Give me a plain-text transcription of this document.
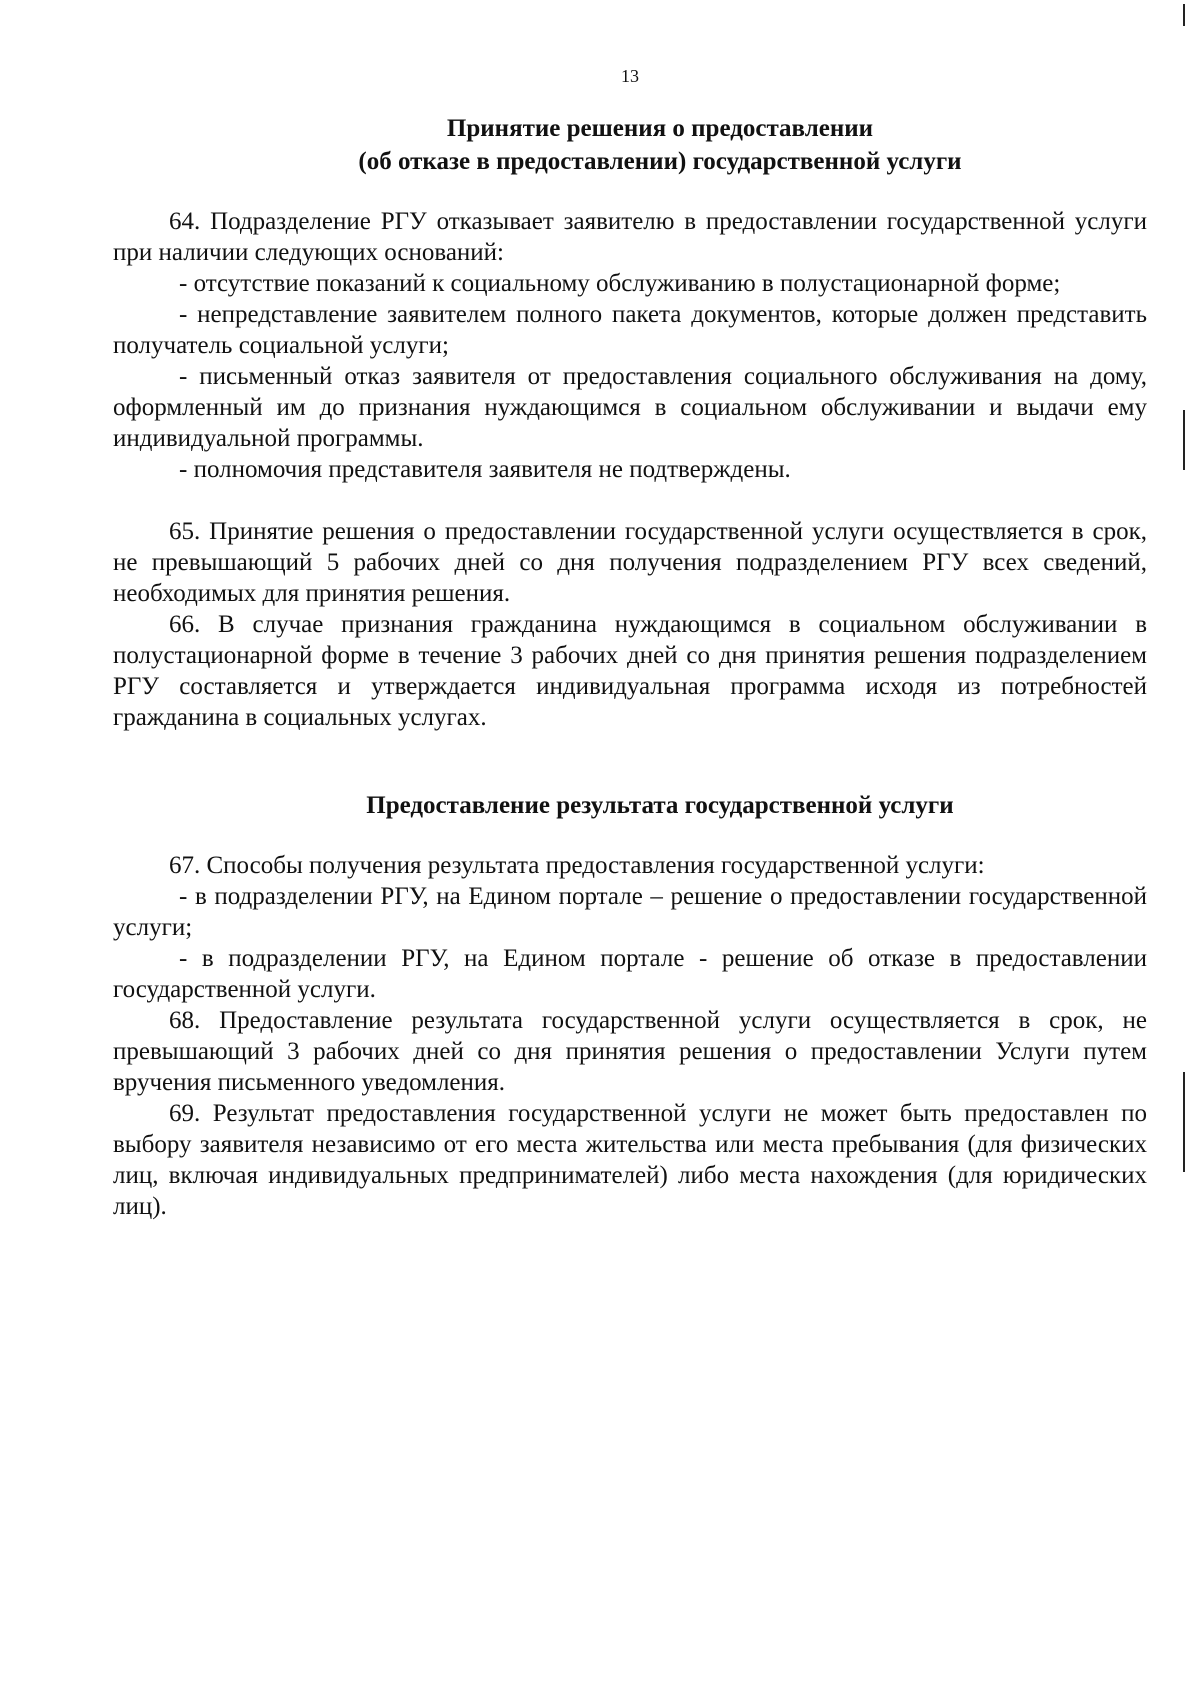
13
Принятие решения о предоставлении
(об отказе в предоставлении) государственной услуги

64. Подразделение РГУ отказывает заявителю в предоставлении государственной услуги при наличии следующих оснований:

- отсутствие показаний к социальному обслуживанию в полустационарной форме;

- непредставление заявителем полного пакета документов, которые должен представить получатель социальной услуги;

- письменный отказ заявителя от предоставления социального обслуживания на дому, оформленный им до признания нуждающимся в социальном обслуживании и выдачи ему индивидуальной программы.

- полномочия представителя заявителя не подтверждены.

65. Принятие решения о предоставлении государственной услуги осуществляется в срок, не превышающий 5 рабочих дней со дня получения подразделением РГУ всех сведений, необходимых для принятия решения.

66. В случае признания гражданина нуждающимся в социальном обслуживании в полустационарной форме в течение 3 рабочих дней со дня принятия решения подразделением РГУ составляется и утверждается индивидуальная программа исходя из потребностей гражданина в социальных услугах.

Предоставление результата государственной услуги

67. Способы получения результата предоставления государственной услуги:

- в подразделении РГУ, на Едином портале – решение о предоставлении государственной услуги;

- в подразделении РГУ, на Едином портале - решение об отказе в предоставлении государственной услуги.

68. Предоставление результата государственной услуги осуществляется в срок, не превышающий 3 рабочих дней со дня принятия решения о предоставлении Услуги путем вручения письменного уведомления.

69. Результат предоставления государственной услуги не может быть предоставлен по выбору заявителя независимо от его места жительства или места пребывания (для физических лиц, включая индивидуальных предпринимателей) либо места нахождения (для юридических лиц).
